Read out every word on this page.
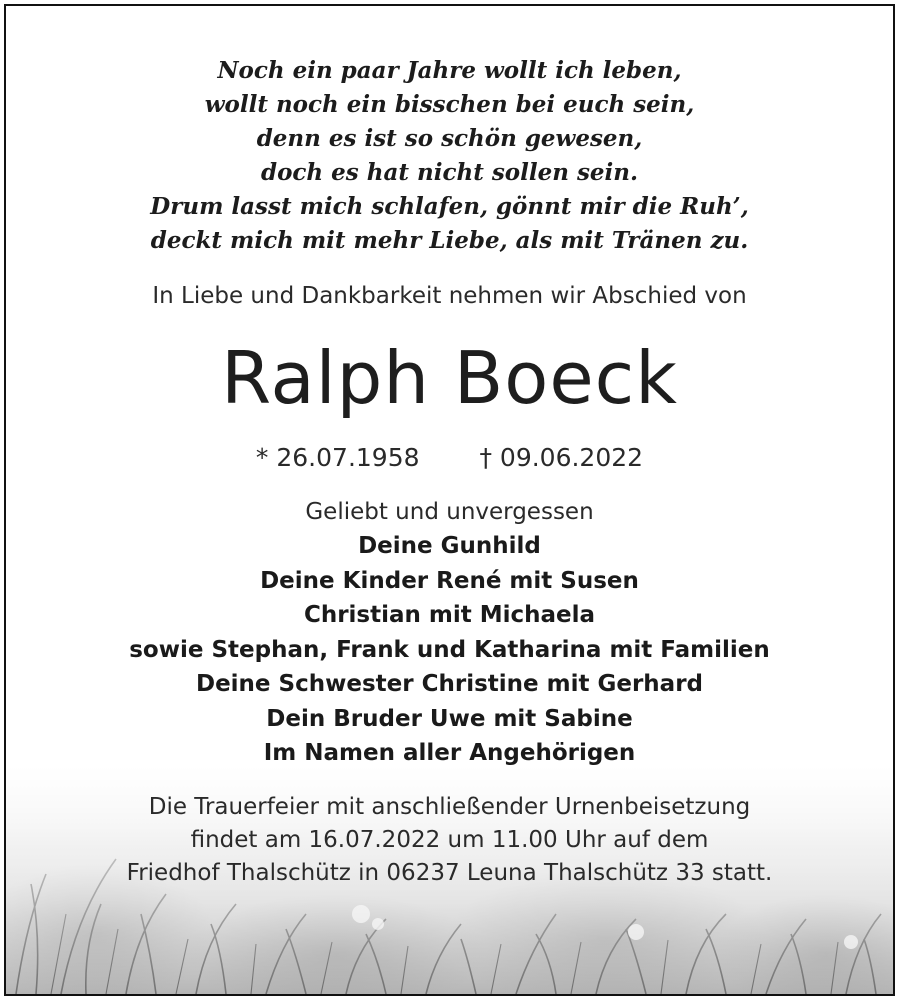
Noch ein paar Jahre wollt ich leben,
wollt noch ein bisschen bei euch sein,
denn es ist so schön gewesen,
doch es hat nicht sollen sein.
Drum lasst mich schlafen, gönnt mir die Ruh’,
deckt mich mit mehr Liebe, als mit Tränen zu.
In Liebe und Dankbarkeit nehmen wir Abschied von
Ralph Boeck
* 26.07.1958 † 09.06.2022
Geliebt und unvergessen
Deine Gunhild
Deine Kinder René mit Susen
Christian mit Michaela
sowie Stephan, Frank und Katharina mit Familien
Deine Schwester Christine mit Gerhard
Dein Bruder Uwe mit Sabine
Im Namen aller Angehörigen
Die Trauerfeier mit anschließender Urnenbeisetzung
findet am 16.07.2022 um 11.00 Uhr auf dem
Friedhof Thalschütz in 06237 Leuna Thalschütz 33 statt.
